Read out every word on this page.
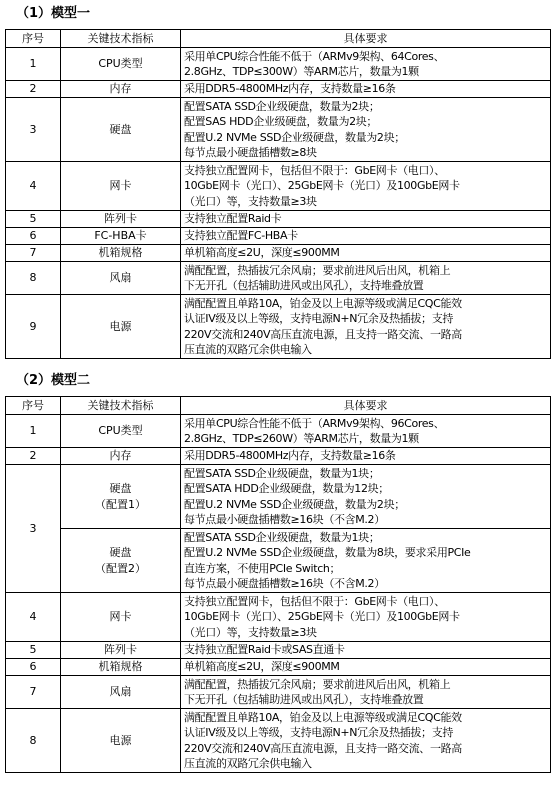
（1）模型一
序号	关键技术指标	具体要求
1	CPU类型	采用单CPU综合性能不低于（ARMv9架构、64Cores、
2.8GHz、TDP≤300W）等ARM芯片，数量为1颗

2	内存	采用DDR5-4800MHz内存，支持数量≥16条

3	硬盘	配置SATA SSD企业级硬盘，数量为2块；
配置SAS HDD企业级硬盘，数量为2块；
配置U.2 NVMe SSD企业级硬盘，数量为2块；
每节点最小硬盘插槽数≥8块

4	网卡	支持独立配置网卡，包括但不限于：GbE网卡（电口）、
10GbE网卡（光口）、25GbE网卡（光口）及100GbE网卡
（光口）等，支持数量≥3块

5	阵列卡	支持独立配置Raid卡

6	FC-HBA卡	支持独立配置FC-HBA卡

7	机箱规格	单机箱高度≤2U，深度≤900MM

8	风扇	满配配置，热插拔冗余风扇；要求前进风后出风，机箱上
下无开孔（包括辅助进风或出风孔），支持堆叠放置

9	电源	满配配置且单路10A，铂金及以上电源等级或满足CQC能效
认证IV级及以上等级，支持电源N+N冗余及热插拔；支持
220V交流和240V高压直流电源，且支持一路交流、一路高
压直流的双路冗余供电输入
（2）模型二
序号	关键技术指标	具体要求
1	CPU类型	采用单CPU综合性能不低于（ARMv9架构、96Cores、
2.8GHz、TDP≤260W）等ARM芯片，数量为1颗

2	内存	采用DDR5-4800MHz内存，支持数量≥16条

3	硬盘
（配置1）	配置SATA SSD企业级硬盘，数量为1块；
配置SATA HDD企业级硬盘，数量为12块；
配置U.2 NVMe SSD企业级硬盘，数量为2块；
每节点最小硬盘插槽数≥16块（不含M.2）

	硬盘
（配置2）	配置SATA SSD企业级硬盘，数量为1块；
配置U.2 NVMe SSD企业级硬盘，数量为8块，要求采用PCIe
直连方案，不使用PCIe Switch；
每节点最小硬盘插槽数≥16块（不含M.2）

4	网卡	支持独立配置网卡，包括但不限于：GbE网卡（电口）、
10GbE网卡（光口）、25GbE网卡（光口）及100GbE网卡
（光口）等，支持数量≥3块

5	阵列卡	支持独立配置Raid卡或SAS直通卡

6	机箱规格	单机箱高度≤2U，深度≤900MM

7	风扇	满配配置，热插拔冗余风扇；要求前进风后出风，机箱上
下无开孔（包括辅助进风或出风孔），支持堆叠放置

8	电源	满配配置且单路10A，铂金及以上电源等级或满足CQC能效
认证IV级及以上等级，支持电源N+N冗余及热插拔；支持
220V交流和240V高压直流电源，且支持一路交流、一路高
压直流的双路冗余供电输入
